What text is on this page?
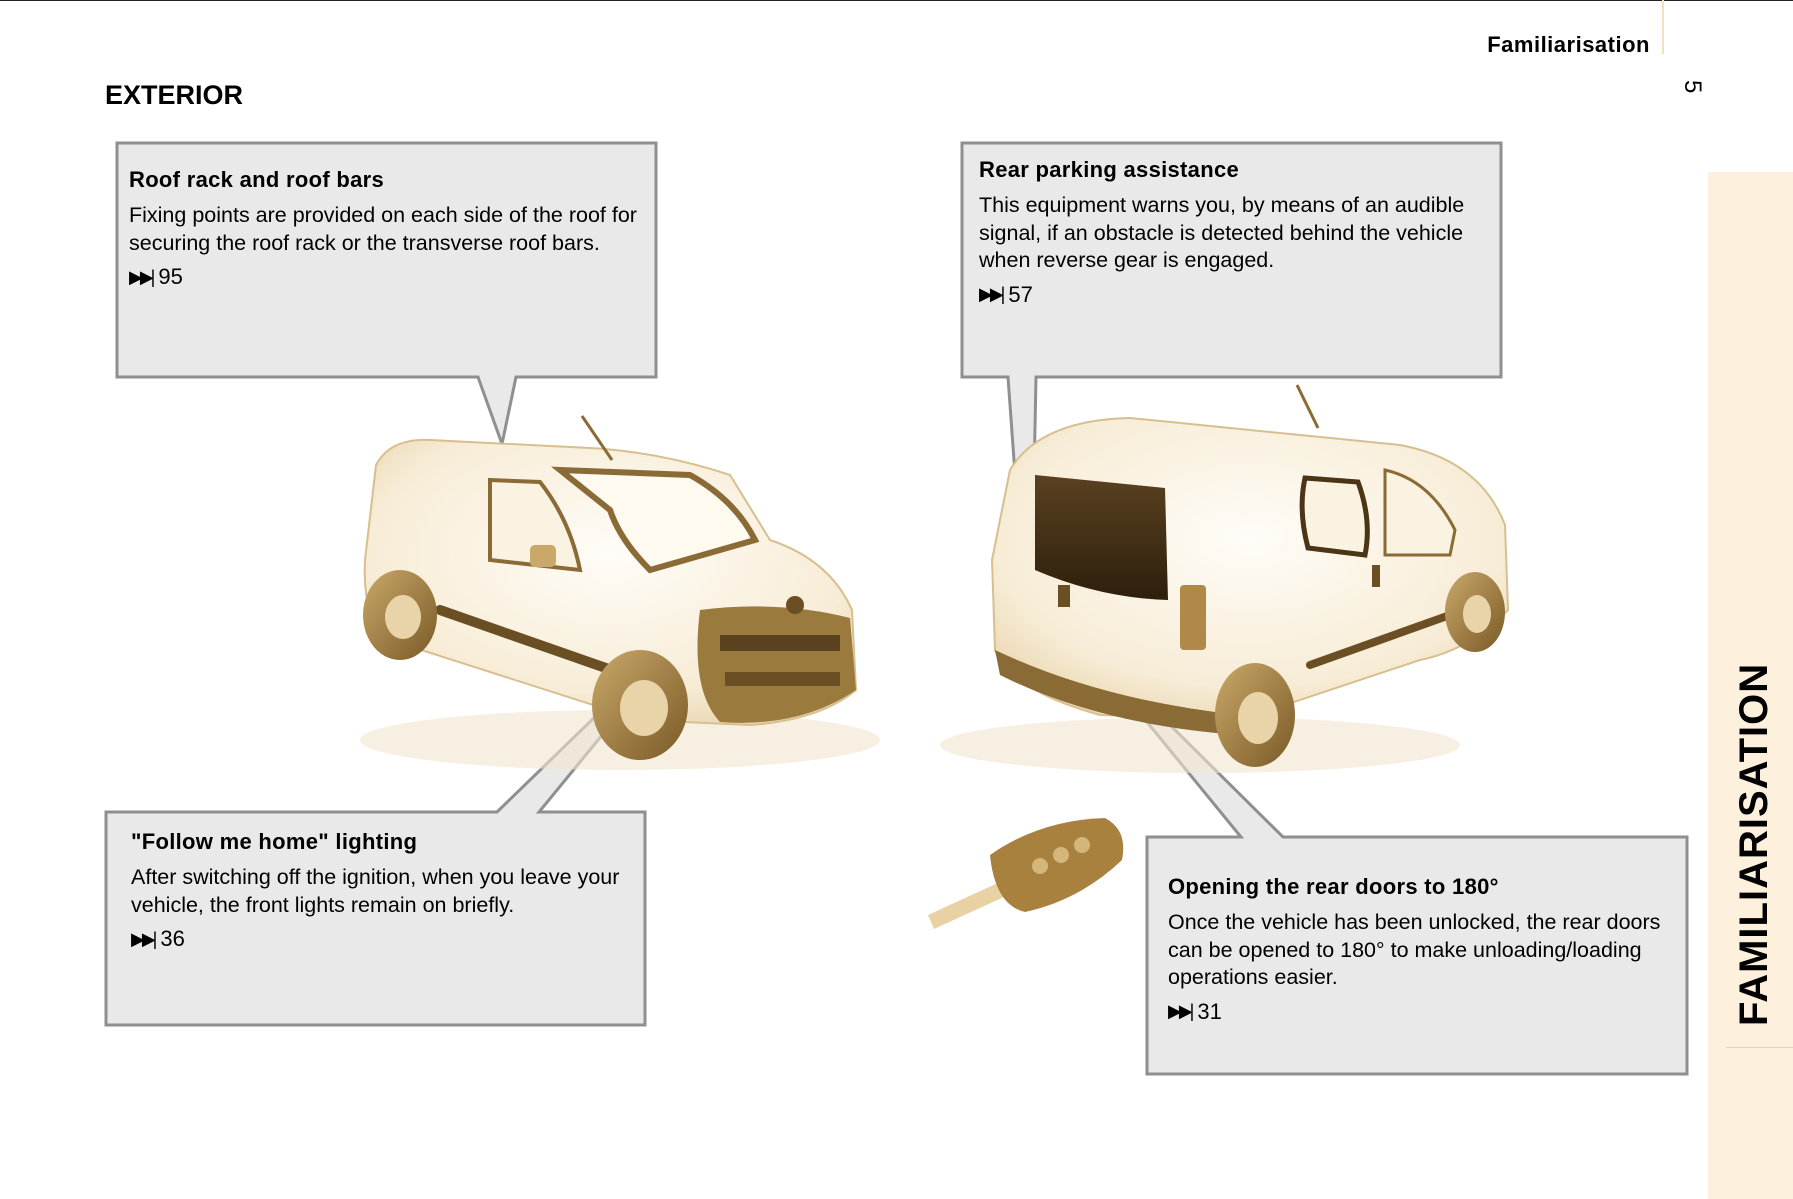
Familiarisation
5
EXTERIOR
FAMILIARISATION
Roof rack and roof bars

Fixing points are provided on each side of the roof for securing the roof rack or the transverse roof bars.

▶▶| 95
Rear parking assistance

This equipment warns you, by means of an audible signal, if an obstacle is detected behind the vehicle when reverse gear is engaged.

▶▶| 57
"Follow me home" lighting

After switching off the ignition, when you leave your vehicle, the front lights remain on briefly.

▶▶| 36
Opening the rear doors to 180°

Once the vehicle has been unlocked, the rear doors can be opened to 180° to make unloading/loading operations easier.

▶▶| 31
